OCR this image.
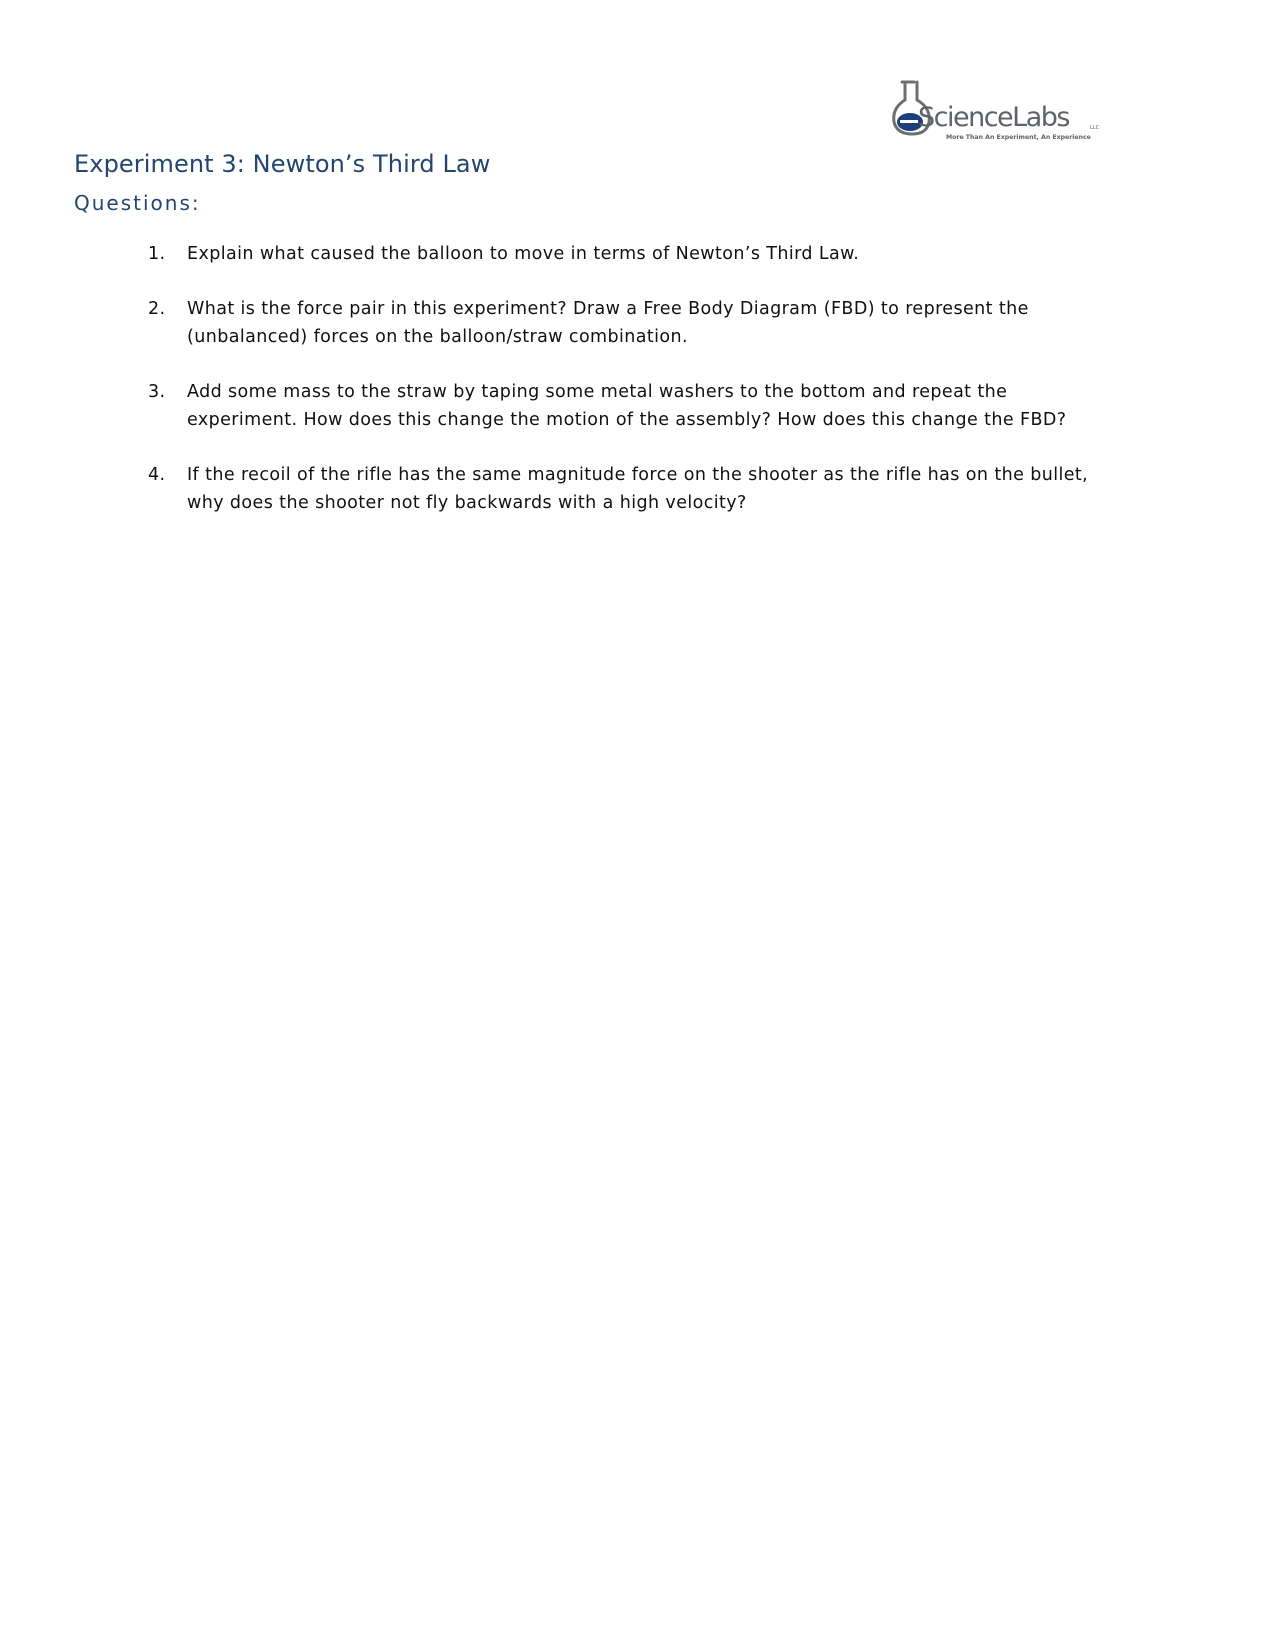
ScienceLabs	LLC
More Than An Experiment, An Experience
Experiment 3: Newton’s Third Law
Questions:
1. Explain what caused the balloon to move in terms of Newton’s Third Law.
2. What is the force pair in this experiment? Draw a Free Body Diagram (FBD) to represent the (unbalanced) forces on the balloon/straw combination.
3. Add some mass to the straw by taping some metal washers to the bottom and repeat the experiment. How does this change the motion of the assembly? How does this change the FBD?
4. If the recoil of the rifle has the same magnitude force on the shooter as the rifle has on the bullet, why does the shooter not fly backwards with a high velocity?
